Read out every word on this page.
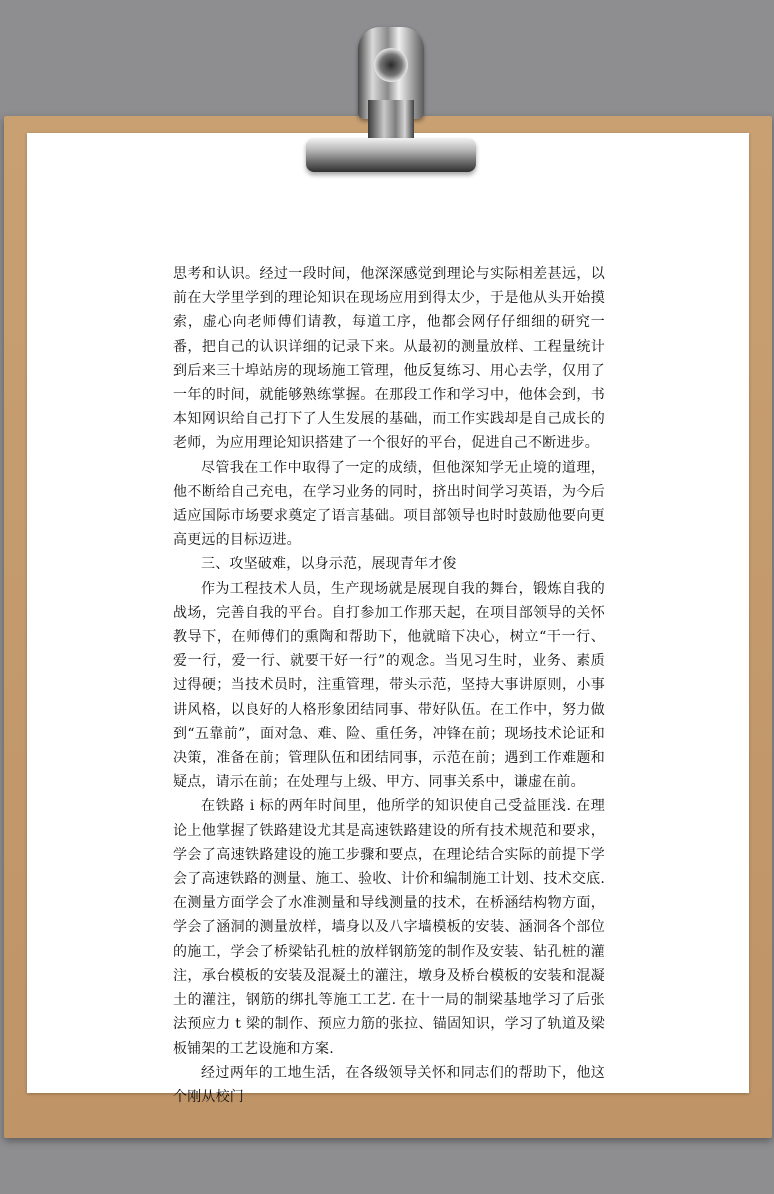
思考和认识。经过一段时间，他深深感觉到理论与实际相差甚远，以前在大学里学到的理论知识在现场应用到得太少，于是他从头开始摸索，虚心向老师傅们请教，每道工序，他都会网仔仔细细的研究一番，把自己的认识详细的记录下来。从最初的测量放样、工程量统计到后来三十埠站房的现场施工管理，他反复练习、用心去学，仅用了一年的时间，就能够熟练掌握。在那段工作和学习中，他体会到，书本知网识给自己打下了人生发展的基础，而工作实践却是自己成长的老师，为应用理论知识搭建了一个很好的平台，促进自己不断进步。

尽管我在工作中取得了一定的成绩，但他深知学无止境的道理，他不断给自己充电，在学习业务的同时，挤出时间学习英语，为今后适应国际市场要求奠定了语言基础。项目部领导也时时鼓励他要向更高更远的目标迈进。

三、攻坚破难，以身示范，展现青年才俊

作为工程技术人员，生产现场就是展现自我的舞台，锻炼自我的战场，完善自我的平台。自打参加工作那天起，在项目部领导的关怀教导下，在师傅们的熏陶和帮助下，他就暗下决心，树立“干一行、爱一行，爱一行、就要干好一行”的观念。当见习生时，业务、素质过得硬；当技术员时，注重管理，带头示范，坚持大事讲原则，小事讲风格，以良好的人格形象团结同事、带好队伍。在工作中，努力做到“五靠前”，面对急、难、险、重任务，冲锋在前；现场技术论证和决策，准备在前；管理队伍和团结同事，示范在前；遇到工作难题和疑点，请示在前；在处理与上级、甲方、同事关系中，谦虚在前。

在铁路 i 标的两年时间里，他所学的知识使自己受益匪浅. 在理论上他掌握了铁路建设尤其是高速铁路建设的所有技术规范和要求，学会了高速铁路建设的施工步骤和要点，在理论结合实际的前提下学会了高速铁路的测量、施工、验收、计价和编制施工计划、技术交底. 在测量方面学会了水准测量和导线测量的技术，在桥涵结构物方面，学会了涵洞的测量放样，墙身以及八字墙模板的安装、涵洞各个部位的施工，学会了桥梁钻孔桩的放样钢筋笼的制作及安装、钻孔桩的灌注，承台模板的安装及混凝土的灌注，墩身及桥台模板的安装和混凝土的灌注，钢筋的绑扎等施工工艺. 在十一局的制梁基地学习了后张法预应力 t 梁的制作、预应力筋的张拉、锚固知识，学习了轨道及梁板铺架的工艺设施和方案.

经过两年的工地生活，在各级领导关怀和同志们的帮助下，他这个刚从校门
